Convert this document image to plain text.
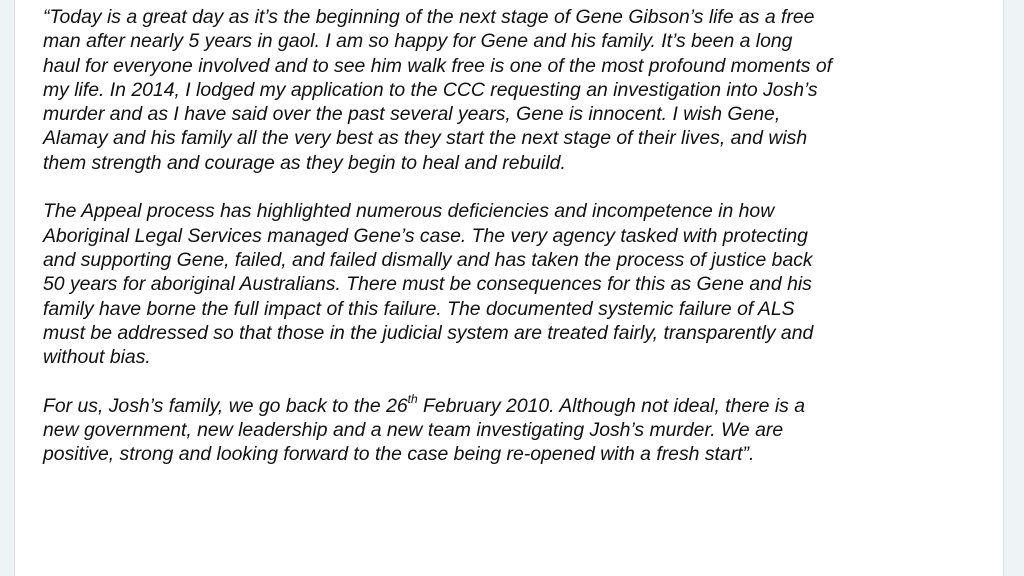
“Today is a great day as it’s the beginning of the next stage of Gene Gibson’s life as a free
man after nearly 5 years in gaol. I am so happy for Gene and his family. It’s been a long
haul for everyone involved and to see him walk free is one of the most profound moments of
my life. In 2014, I lodged my application to the CCC requesting an investigation into Josh’s
murder and as I have said over the past several years, Gene is innocent. I wish Gene,
Alamay and his family all the very best as they start the next stage of their lives, and wish
them strength and courage as they begin to heal and rebuild.
The Appeal process has highlighted numerous deficiencies and incompetence in how
Aboriginal Legal Services managed Gene’s case. The very agency tasked with protecting
and supporting Gene, failed, and failed dismally and has taken the process of justice back
50 years for aboriginal Australians. There must be consequences for this as Gene and his
family have borne the full impact of this failure. The documented systemic failure of ALS
must be addressed so that those in the judicial system are treated fairly, transparently and
without bias.
For us, Josh’s family, we go back to the 26th February 2010. Although not ideal, there is a
new government, new leadership and a new team investigating Josh’s murder. We are
positive, strong and looking forward to the case being re-opened with a fresh start”.
